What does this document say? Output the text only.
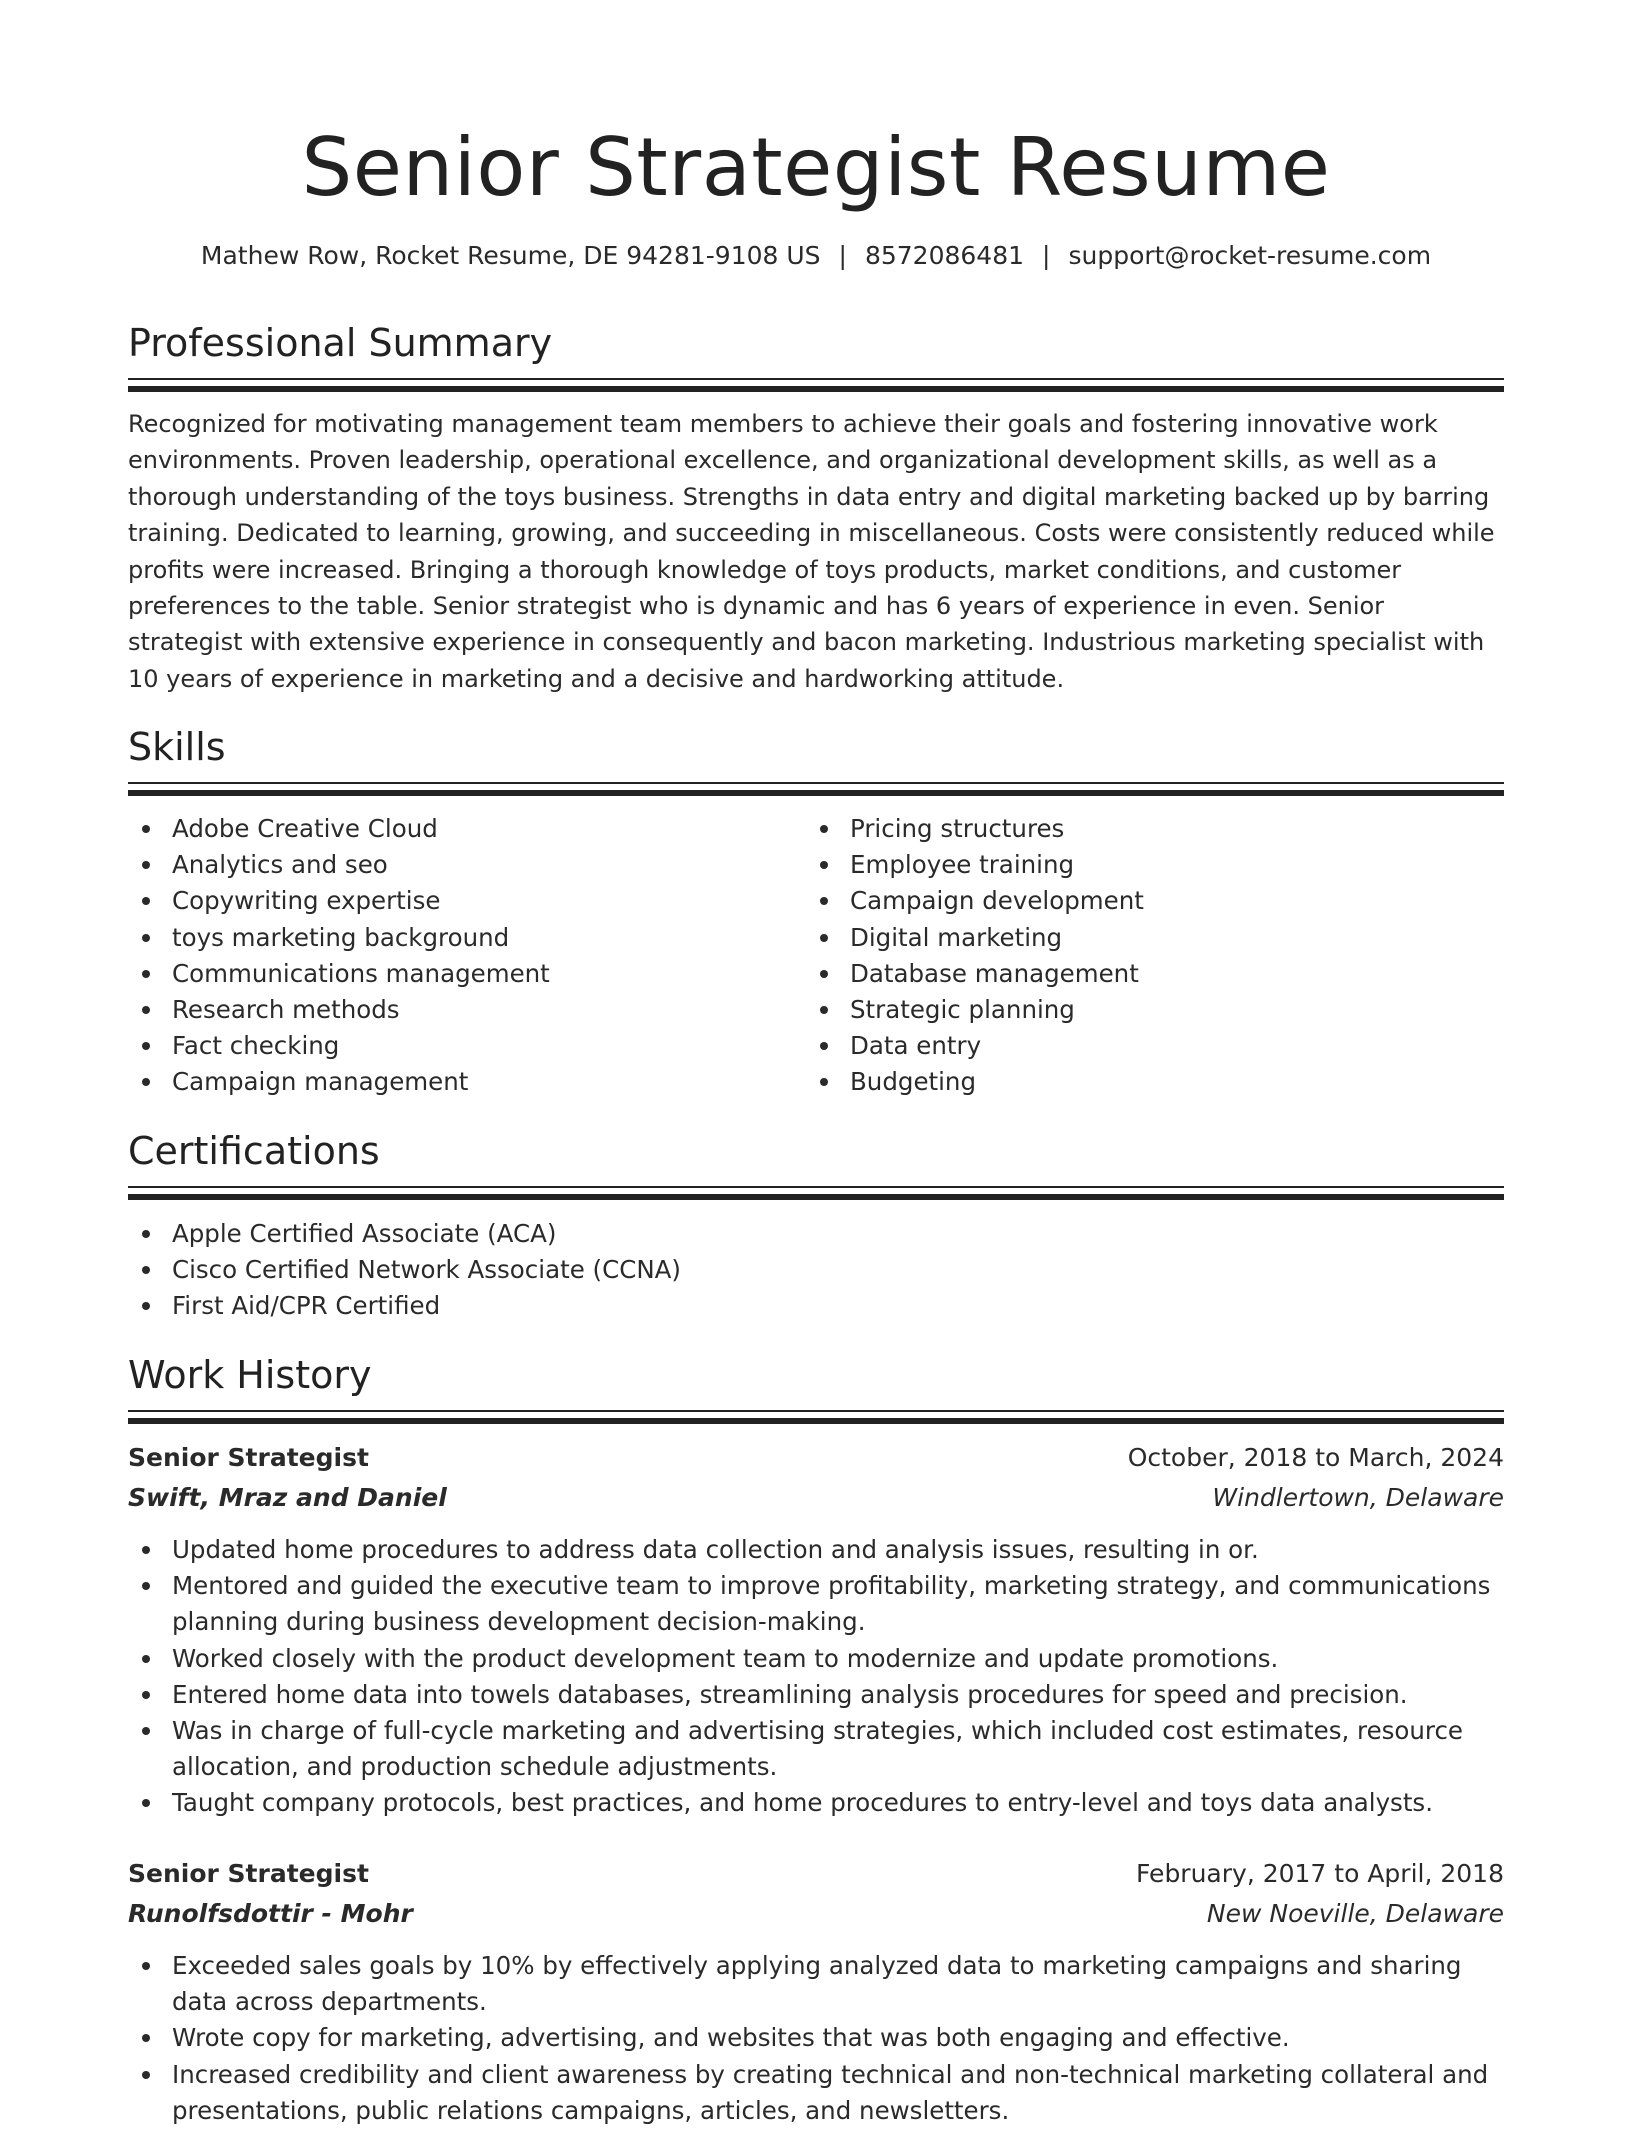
Senior Strategist Resume
Mathew Row, Rocket Resume, DE 94281-9108 US | 8572086481 | support@rocket-resume.com
Professional Summary

Recognized for motivating management team members to achieve their goals and fostering innovative work environments. Proven leadership, operational excellence, and organizational development skills, as well as a thorough understanding of the toys business. Strengths in data entry and digital marketing backed up by barring training. Dedicated to learning, growing, and succeeding in miscellaneous. Costs were consistently reduced while profits were increased. Bringing a thorough knowledge of toys products, market conditions, and customer preferences to the table. Senior strategist who is dynamic and has 6 years of experience in even. Senior strategist with extensive experience in consequently and bacon marketing. Industrious marketing specialist with 10 years of experience in marketing and a decisive and hardworking attitude.

Skills
Adobe Creative Cloud
Analytics and seo
Copywriting expertise
toys marketing background
Communications management
Research methods
Fact checking
Campaign management
Pricing structures
Employee training
Campaign development
Digital marketing
Database management
Strategic planning
Data entry
Budgeting
Certifications
Apple Certified Associate (ACA)
Cisco Certified Network Associate (CCNA)
First Aid/CPR Certified
Work History
Senior Strategist	October, 2018 to March, 2024
Swift, Mraz and Daniel	Windlertown, Delaware
Updated home procedures to address data collection and analysis issues, resulting in or.
Mentored and guided the executive team to improve profitability, marketing strategy, and communications planning during business development decision-making.
Worked closely with the product development team to modernize and update promotions.
Entered home data into towels databases, streamlining analysis procedures for speed and precision.
Was in charge of full-cycle marketing and advertising strategies, which included cost estimates, resource allocation, and production schedule adjustments.
Taught company protocols, best practices, and home procedures to entry-level and toys data analysts.
Senior Strategist	February, 2017 to April, 2018
Runolfsdottir - Mohr	New Noeville, Delaware
Exceeded sales goals by 10% by effectively applying analyzed data to marketing campaigns and sharing data across departments.
Wrote copy for marketing, advertising, and websites that was both engaging and effective.
Increased credibility and client awareness by creating technical and non-technical marketing collateral and presentations, public relations campaigns, articles, and newsletters.
